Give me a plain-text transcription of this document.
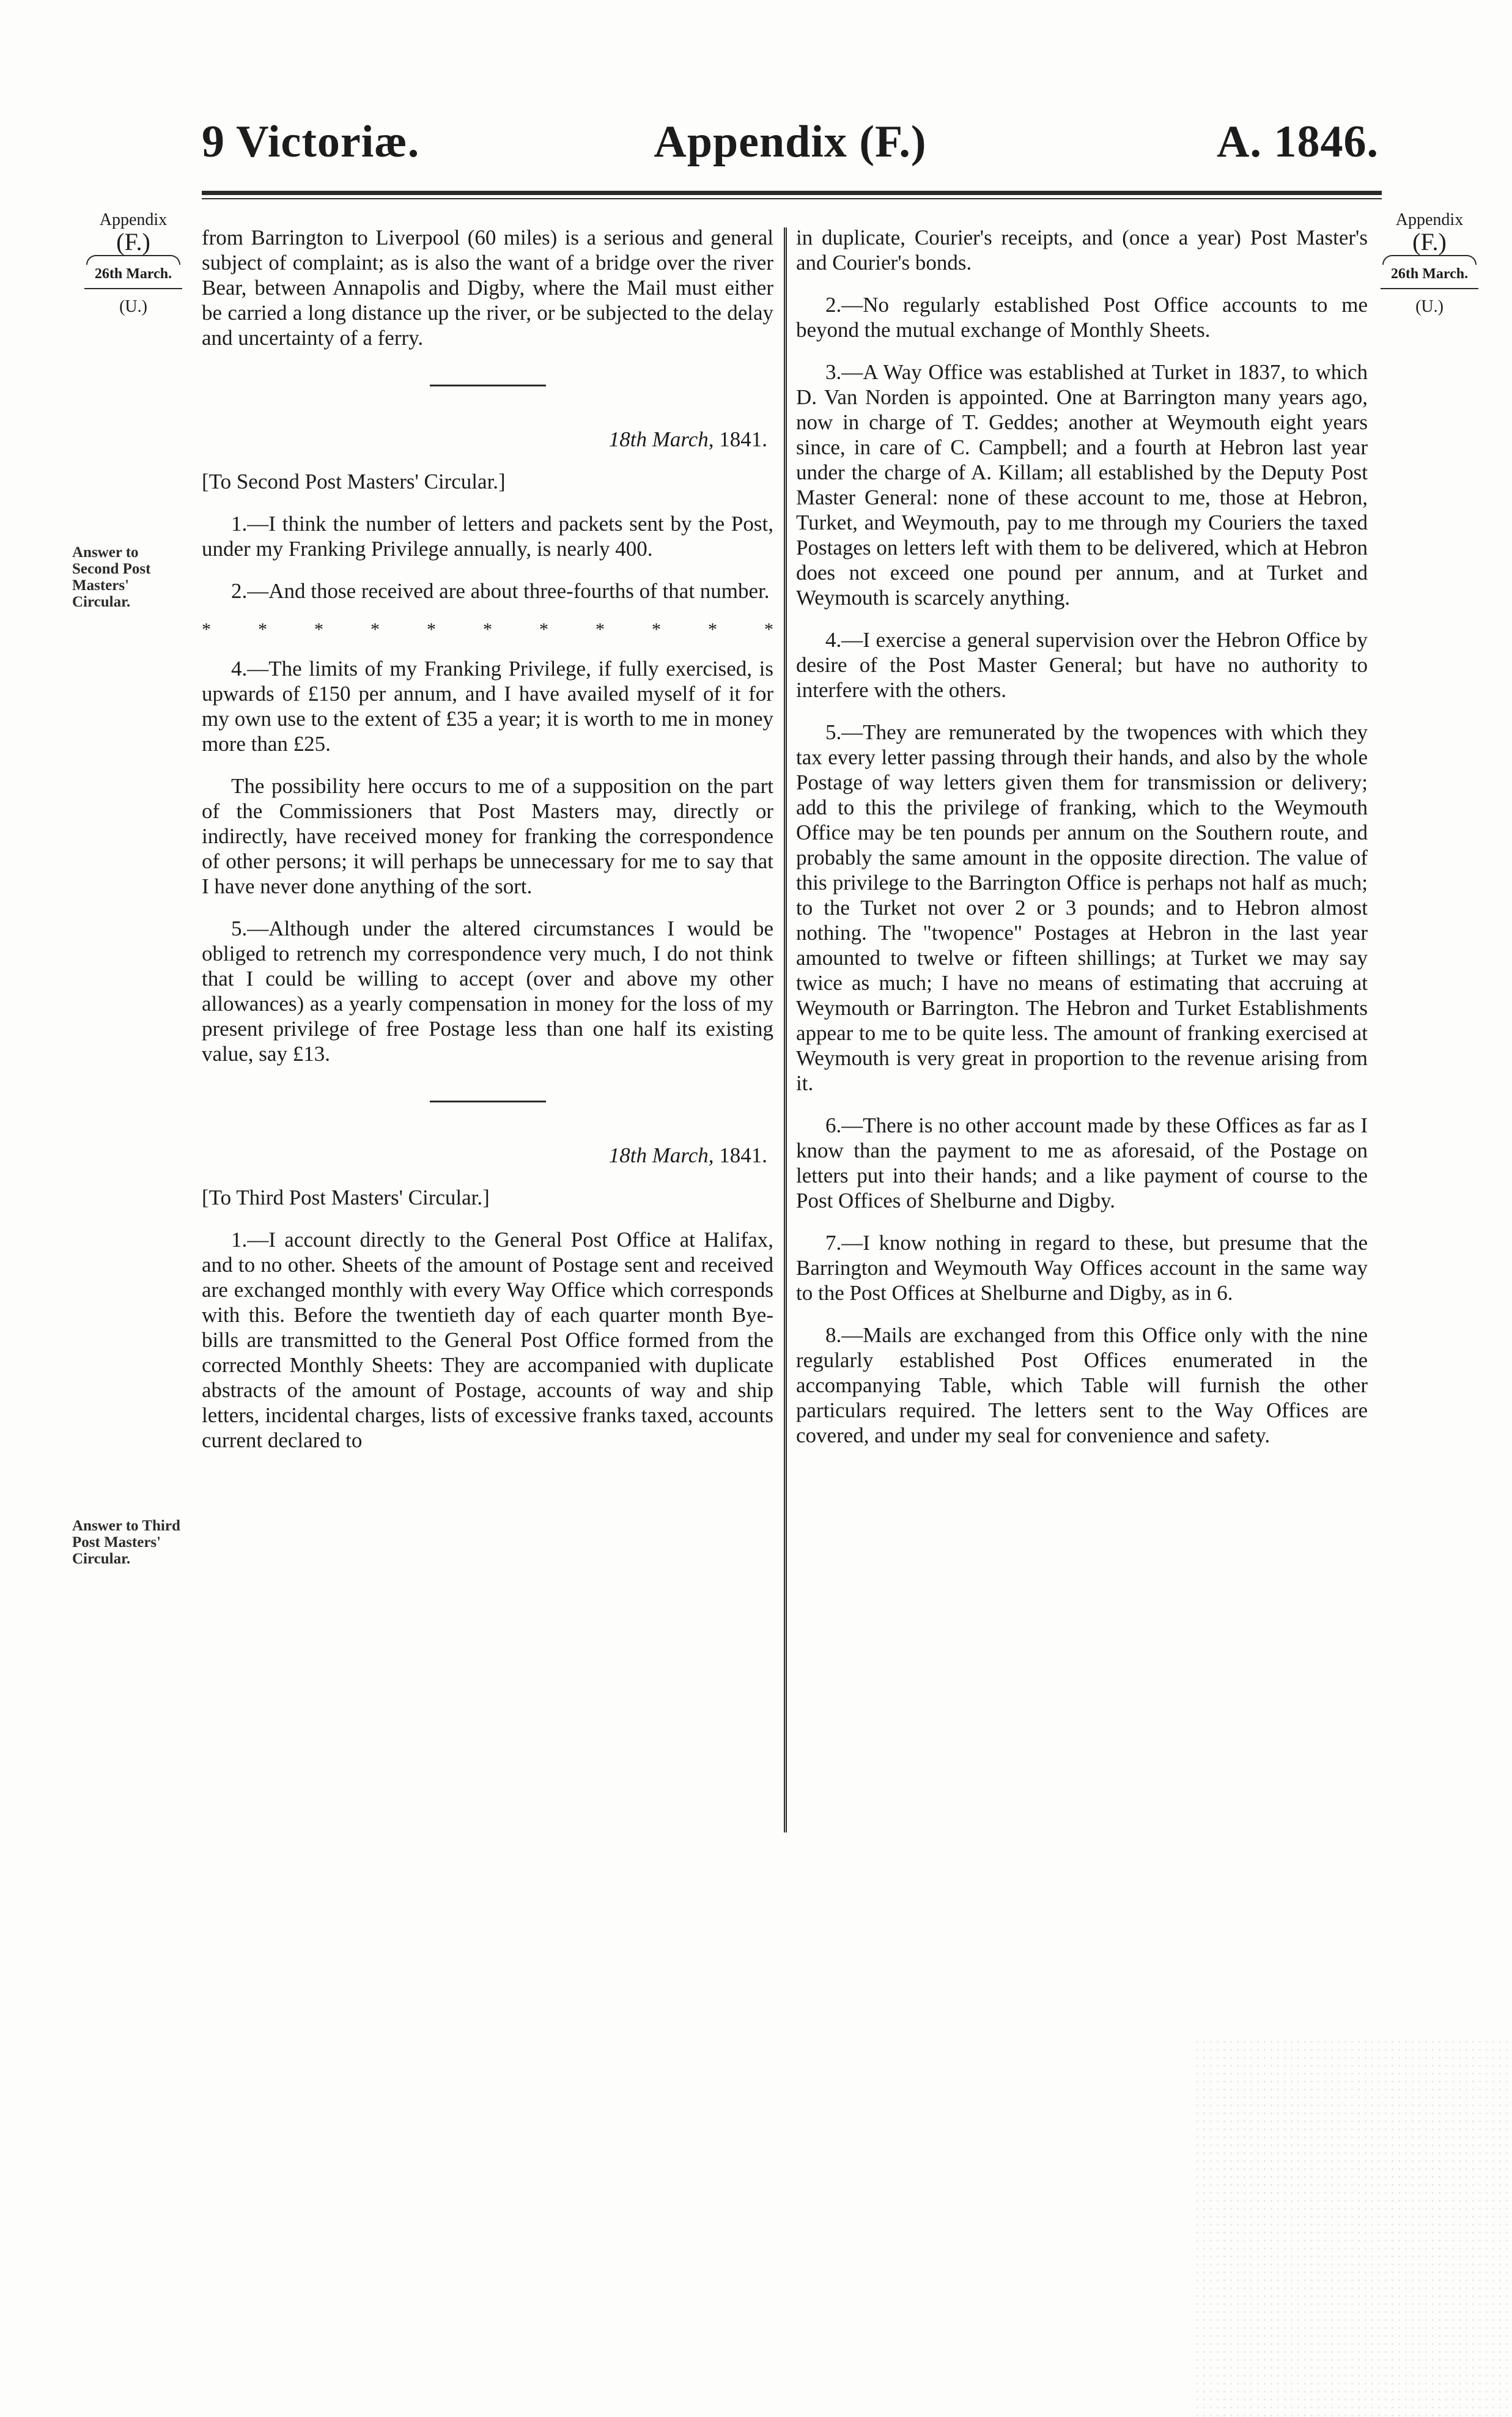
9 Victoriæ.	Appendix (F.)	A. 1846.
Appendix
(F.)
26th March.
(U.)
Appendix
(F.)
26th March.
(U.)
Answer to Second Post Masters' Circular.
Answer to Third Post Masters' Circular.

from Barrington to Liverpool (60 miles) is a serious and general subject of complaint; as is also the want of a bridge over the river Bear, between Annapolis and Digby, where the Mail must either be carried a long distance up the river, or be subjected to the delay and uncertainty of a ferry.

18th March, 1841.

[To Second Post Masters' Circular.]

1.—I think the number of letters and packets sent by the Post, under my Franking Privilege annually, is nearly 400.

2.—And those received are about three-fourths of that number.

*	*	*	*	*	*	*	*	*	*	*

4.—The limits of my Franking Privilege, if fully exercised, is upwards of £150 per annum, and I have availed myself of it for my own use to the extent of £35 a year; it is worth to me in money more than £25.

The possibility here occurs to me of a supposition on the part of the Commissioners that Post Masters may, directly or indirectly, have received money for franking the correspondence of other persons; it will perhaps be unnecessary for me to say that I have never done anything of the sort.

5.—Although under the altered circumstances I would be obliged to retrench my correspondence very much, I do not think that I could be willing to accept (over and above my other allowances) as a yearly compensation in money for the loss of my present privilege of free Postage less than one half its existing value, say £13.

18th March, 1841.

[To Third Post Masters' Circular.]

1.—I account directly to the General Post Office at Halifax, and to no other. Sheets of the amount of Postage sent and received are exchanged monthly with every Way Office which corresponds with this. Before the twentieth day of each quarter month Bye-bills are transmitted to the General Post Office formed from the corrected Monthly Sheets: They are accompanied with duplicate abstracts of the amount of Postage, accounts of way and ship letters, incidental charges, lists of excessive franks taxed, accounts current declared to

in duplicate, Courier's receipts, and (once a year) Post Master's and Courier's bonds.

2.—No regularly established Post Office accounts to me beyond the mutual exchange of Monthly Sheets.

3.—A Way Office was established at Turket in 1837, to which D. Van Norden is appointed. One at Barrington many years ago, now in charge of T. Geddes; another at Weymouth eight years since, in care of C. Campbell; and a fourth at Hebron last year under the charge of A. Killam; all established by the Deputy Post Master General: none of these account to me, those at Hebron, Turket, and Weymouth, pay to me through my Couriers the taxed Postages on letters left with them to be delivered, which at Hebron does not exceed one pound per annum, and at Turket and Weymouth is scarcely anything.

4.—I exercise a general supervision over the Hebron Office by desire of the Post Master General; but have no authority to interfere with the others.

5.—They are remunerated by the twopences with which they tax every letter passing through their hands, and also by the whole Postage of way letters given them for transmission or delivery; add to this the privilege of franking, which to the Weymouth Office may be ten pounds per annum on the Southern route, and probably the same amount in the opposite direction. The value of this privilege to the Barrington Office is perhaps not half as much; to the Turket not over 2 or 3 pounds; and to Hebron almost nothing. The "twopence" Postages at Hebron in the last year amounted to twelve or fifteen shillings; at Turket we may say twice as much; I have no means of estimating that accruing at Weymouth or Barrington. The Hebron and Turket Establishments appear to me to be quite less. The amount of franking exercised at Weymouth is very great in proportion to the revenue arising from it.

6.—There is no other account made by these Offices as far as I know than the payment to me as aforesaid, of the Postage on letters put into their hands; and a like payment of course to the Post Offices of Shelburne and Digby.

7.—I know nothing in regard to these, but presume that the Barrington and Weymouth Way Offices account in the same way to the Post Offices at Shelburne and Digby, as in 6.

8.—Mails are exchanged from this Office only with the nine regularly established Post Offices enumerated in the accompanying Table, which Table will furnish the other particulars required. The letters sent to the Way Offices are covered, and under my seal for convenience and safety.
